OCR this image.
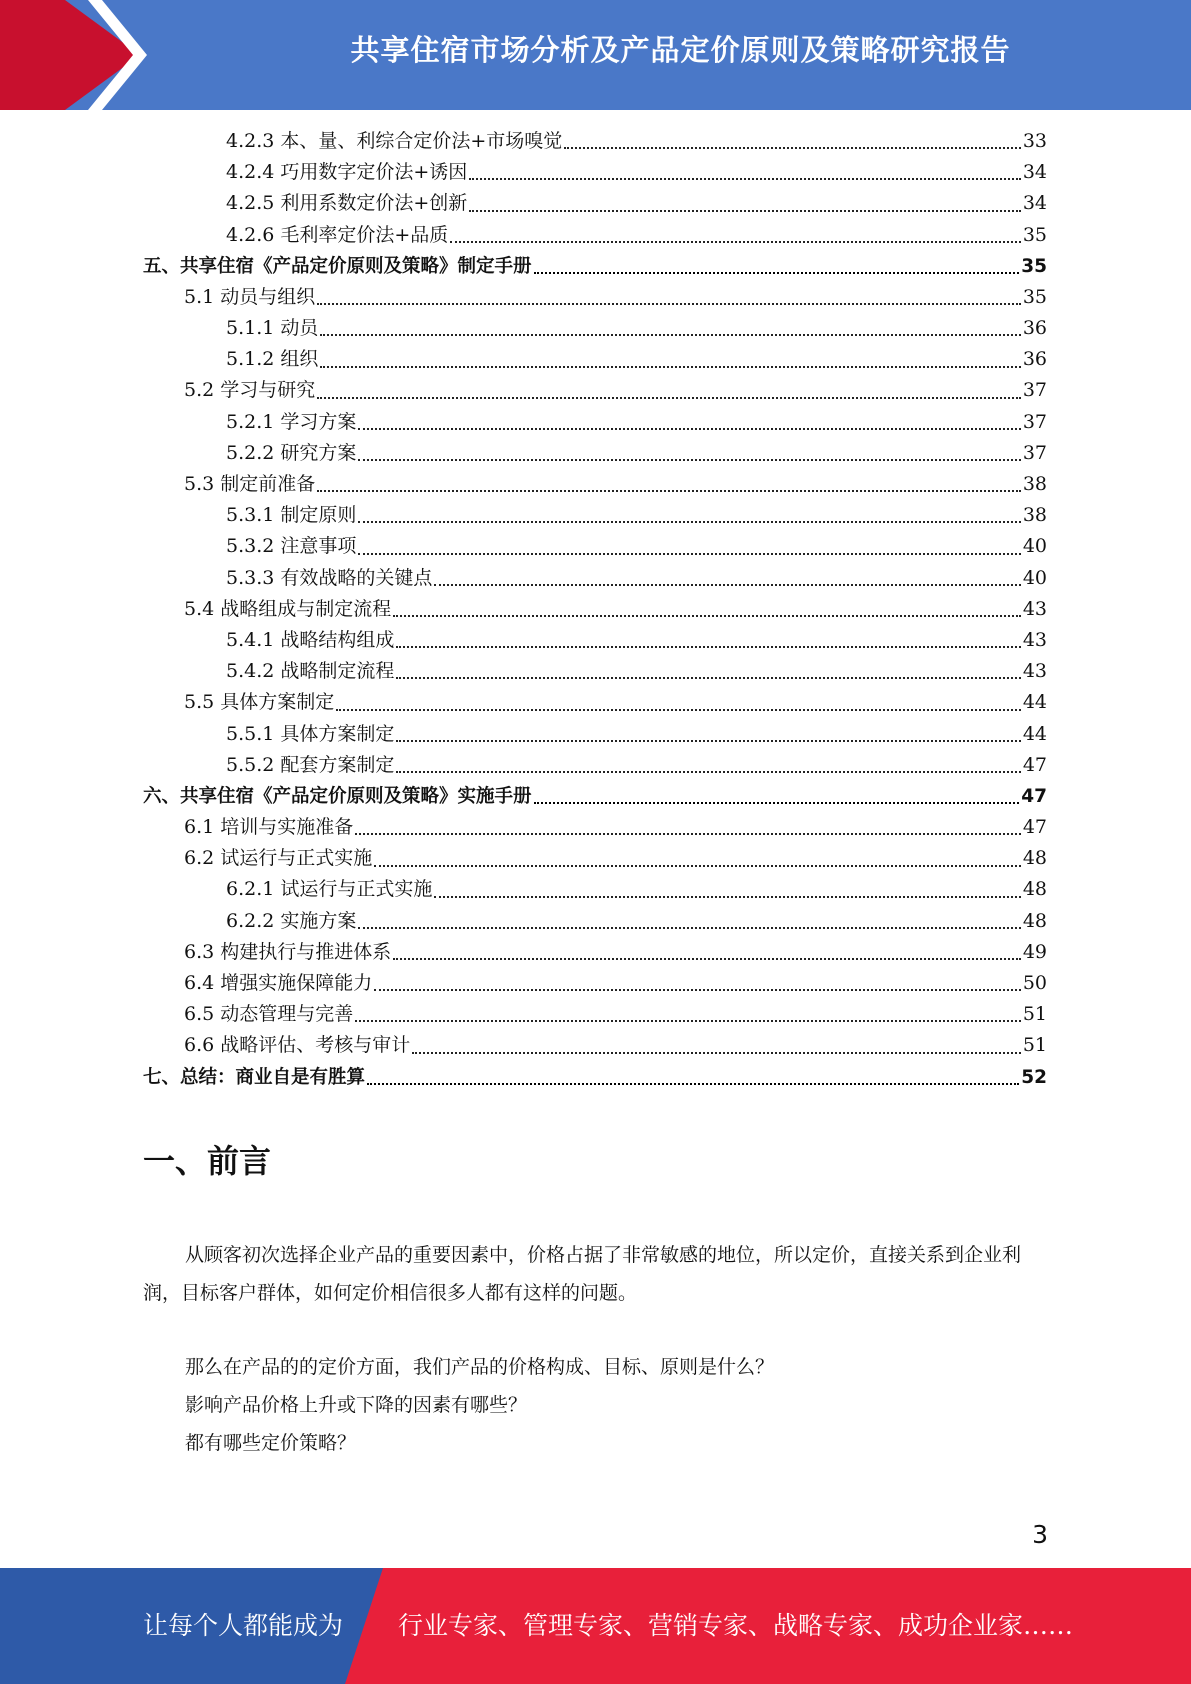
共享住宿市场分析及产品定价原则及策略研究报告
4.2.3 本、量、利综合定价法+市场嗅觉	33
4.2.4 巧用数字定价法+诱因	34
4.2.5 利用系数定价法+创新	34
4.2.6 毛利率定价法+品质	35
五、共享住宿《产品定价原则及策略》制定手册	35
5.1 动员与组织	35
5.1.1 动员	36
5.1.2 组织	36
5.2 学习与研究	37
5.2.1 学习方案	37
5.2.2 研究方案	37
5.3 制定前准备	38
5.3.1 制定原则	38
5.3.2 注意事项	40
5.3.3 有效战略的关键点	40
5.4 战略组成与制定流程	43
5.4.1 战略结构组成	43
5.4.2 战略制定流程	43
5.5 具体方案制定	44
5.5.1 具体方案制定	44
5.5.2 配套方案制定	47
六、共享住宿《产品定价原则及策略》实施手册	47
6.1 培训与实施准备	47
6.2 试运行与正式实施	48
6.2.1 试运行与正式实施	48
6.2.2 实施方案	48
6.3 构建执行与推进体系	49
6.4 增强实施保障能力	50
6.5 动态管理与完善	51
6.6 战略评估、考核与审计	51
七、总结：商业自是有胜算	52
一、前言

从顾客初次选择企业产品的重要因素中，价格占据了非常敏感的地位，所以定价，直接关系到企业利润，目标客户群体，如何定价相信很多人都有这样的问题。

那么在产品的的定价方面，我们产品的价格构成、目标、原则是什么？

影响产品价格上升或下降的因素有哪些？

都有哪些定价策略？

3
让每个人都能成为 行业专家、管理专家、营销专家、战略专家、成功企业家……
